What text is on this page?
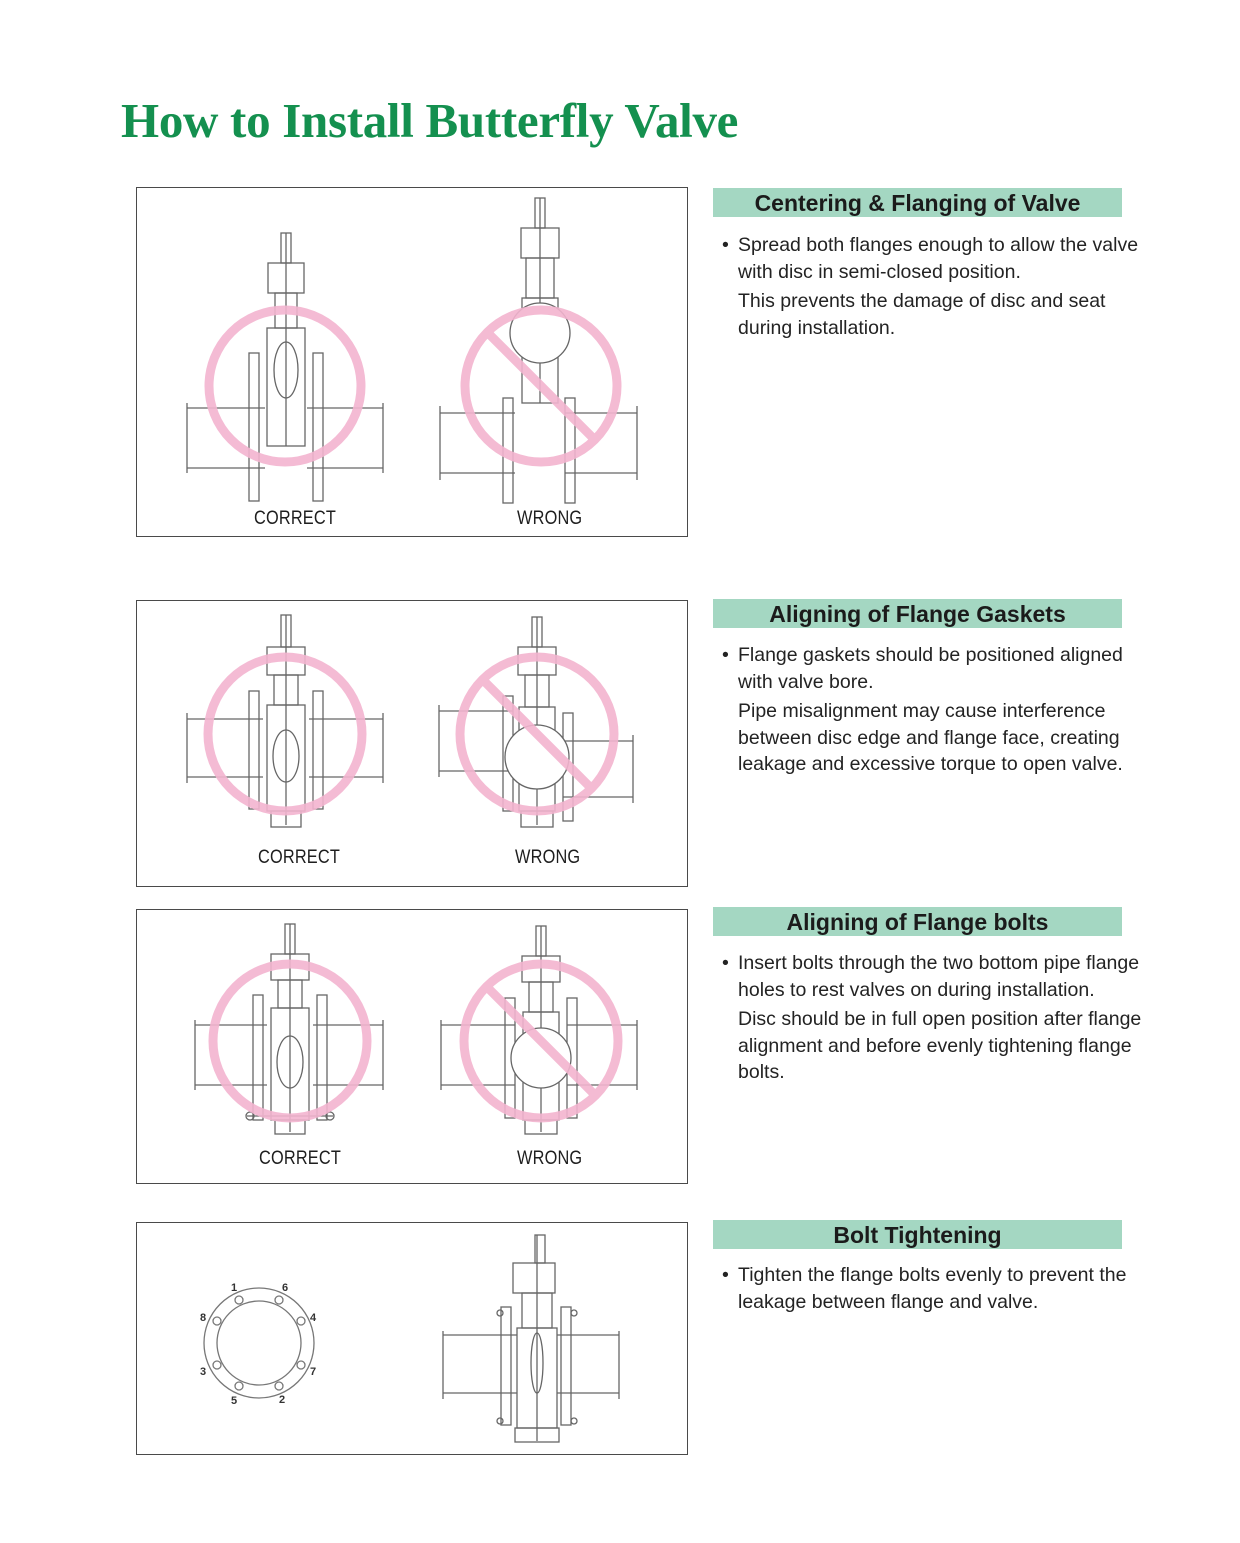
How to Install Butterfly Valve
CORRECT	WRONG
CORRECT	WRONG
CORRECT	WRONG
1	6
4
7
2
5
3
8
Centering & Flanging of Valve

• Spread both flanges enough to allow the valve with disc in semi-closed position.

This prevents the damage of disc and seat during installation.

Aligning of Flange Gaskets

• Flange gaskets should be positioned aligned with valve bore.

Pipe misalignment may cause interference between disc edge and flange face, creating leakage and excessive torque to open valve.

Aligning of Flange bolts

• Insert bolts through the two bottom pipe flange holes to rest valves on during installation.

Disc should be in full open position after flange alignment and before evenly tightening flange bolts.

Bolt Tightening

• Tighten the flange bolts evenly to prevent the leakage between flange and valve.
